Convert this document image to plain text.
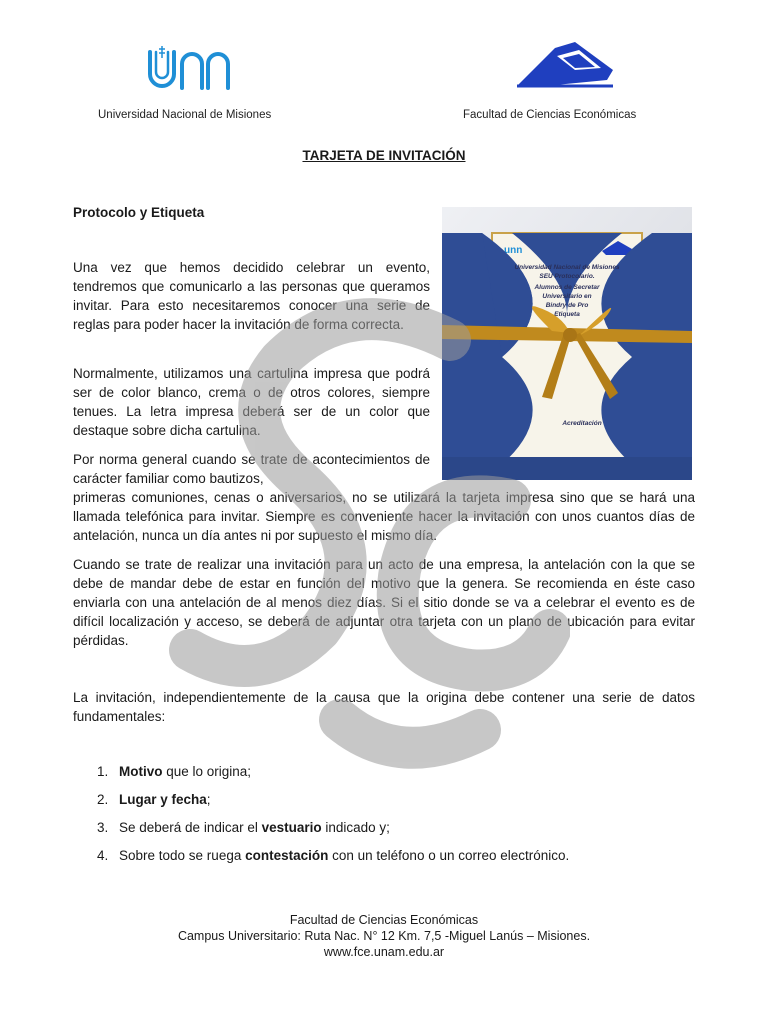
Universidad Nacional de Misiones	Facultad de Ciencias Económicas
TARJETA DE INVITACIÓN
Protocolo y Etiqueta
unn
Universidad Nacional de Misiones
SEU Protocolario.
Alumnos de Secretar
Universitario en
Bindry de Pro
Etiqueta
Acreditación

Una vez que hemos decidido celebrar un evento, tendremos que comunicarlo a las personas que queramos invitar. Para esto necesitaremos conocer una serie de reglas para poder hacer la invitación de forma correcta.

Normalmente, utilizamos una cartulina impresa que podrá ser de color blanco, crema o de otros colores, siempre tenues. La letra impresa deberá ser de un color que destaque sobre dicha cartulina.

Por norma general cuando se trate de acontecimientos de carácter familiar como bautizos,

primeras comuniones, cenas o aniversarios, no se utilizará la tarjeta impresa sino que se hará una llamada telefónica para invitar. Siempre es conveniente hacer la invitación con unos cuantos días de antelación, nunca un día antes ni por supuesto el mismo día.

Cuando se trate de realizar una invitación para un acto de una empresa, la antelación con la que se debe de mandar debe de estar en función del motivo que la genera. Se recomienda en éste caso enviarla con una antelación de al menos diez días. Si el sitio donde se va a celebrar el evento es de difícil localización y acceso, se deberá de adjuntar otra tarjeta con un plano de ubicación para evitar pérdidas.

La invitación, independientemente de la causa que la origina debe contener una serie de datos fundamentales:

1. Motivo que lo origina;
2. Lugar y fecha;
3. Se deberá de indicar el vestuario indicado y;
4. Sobre todo se ruega contestación con un teléfono o un correo electrónico.
Facultad de Ciencias Económicas
Campus Universitario: Ruta Nac. N° 12 Km. 7,5 -Miguel Lanús – Misiones.
www.fce.unam.edu.ar
